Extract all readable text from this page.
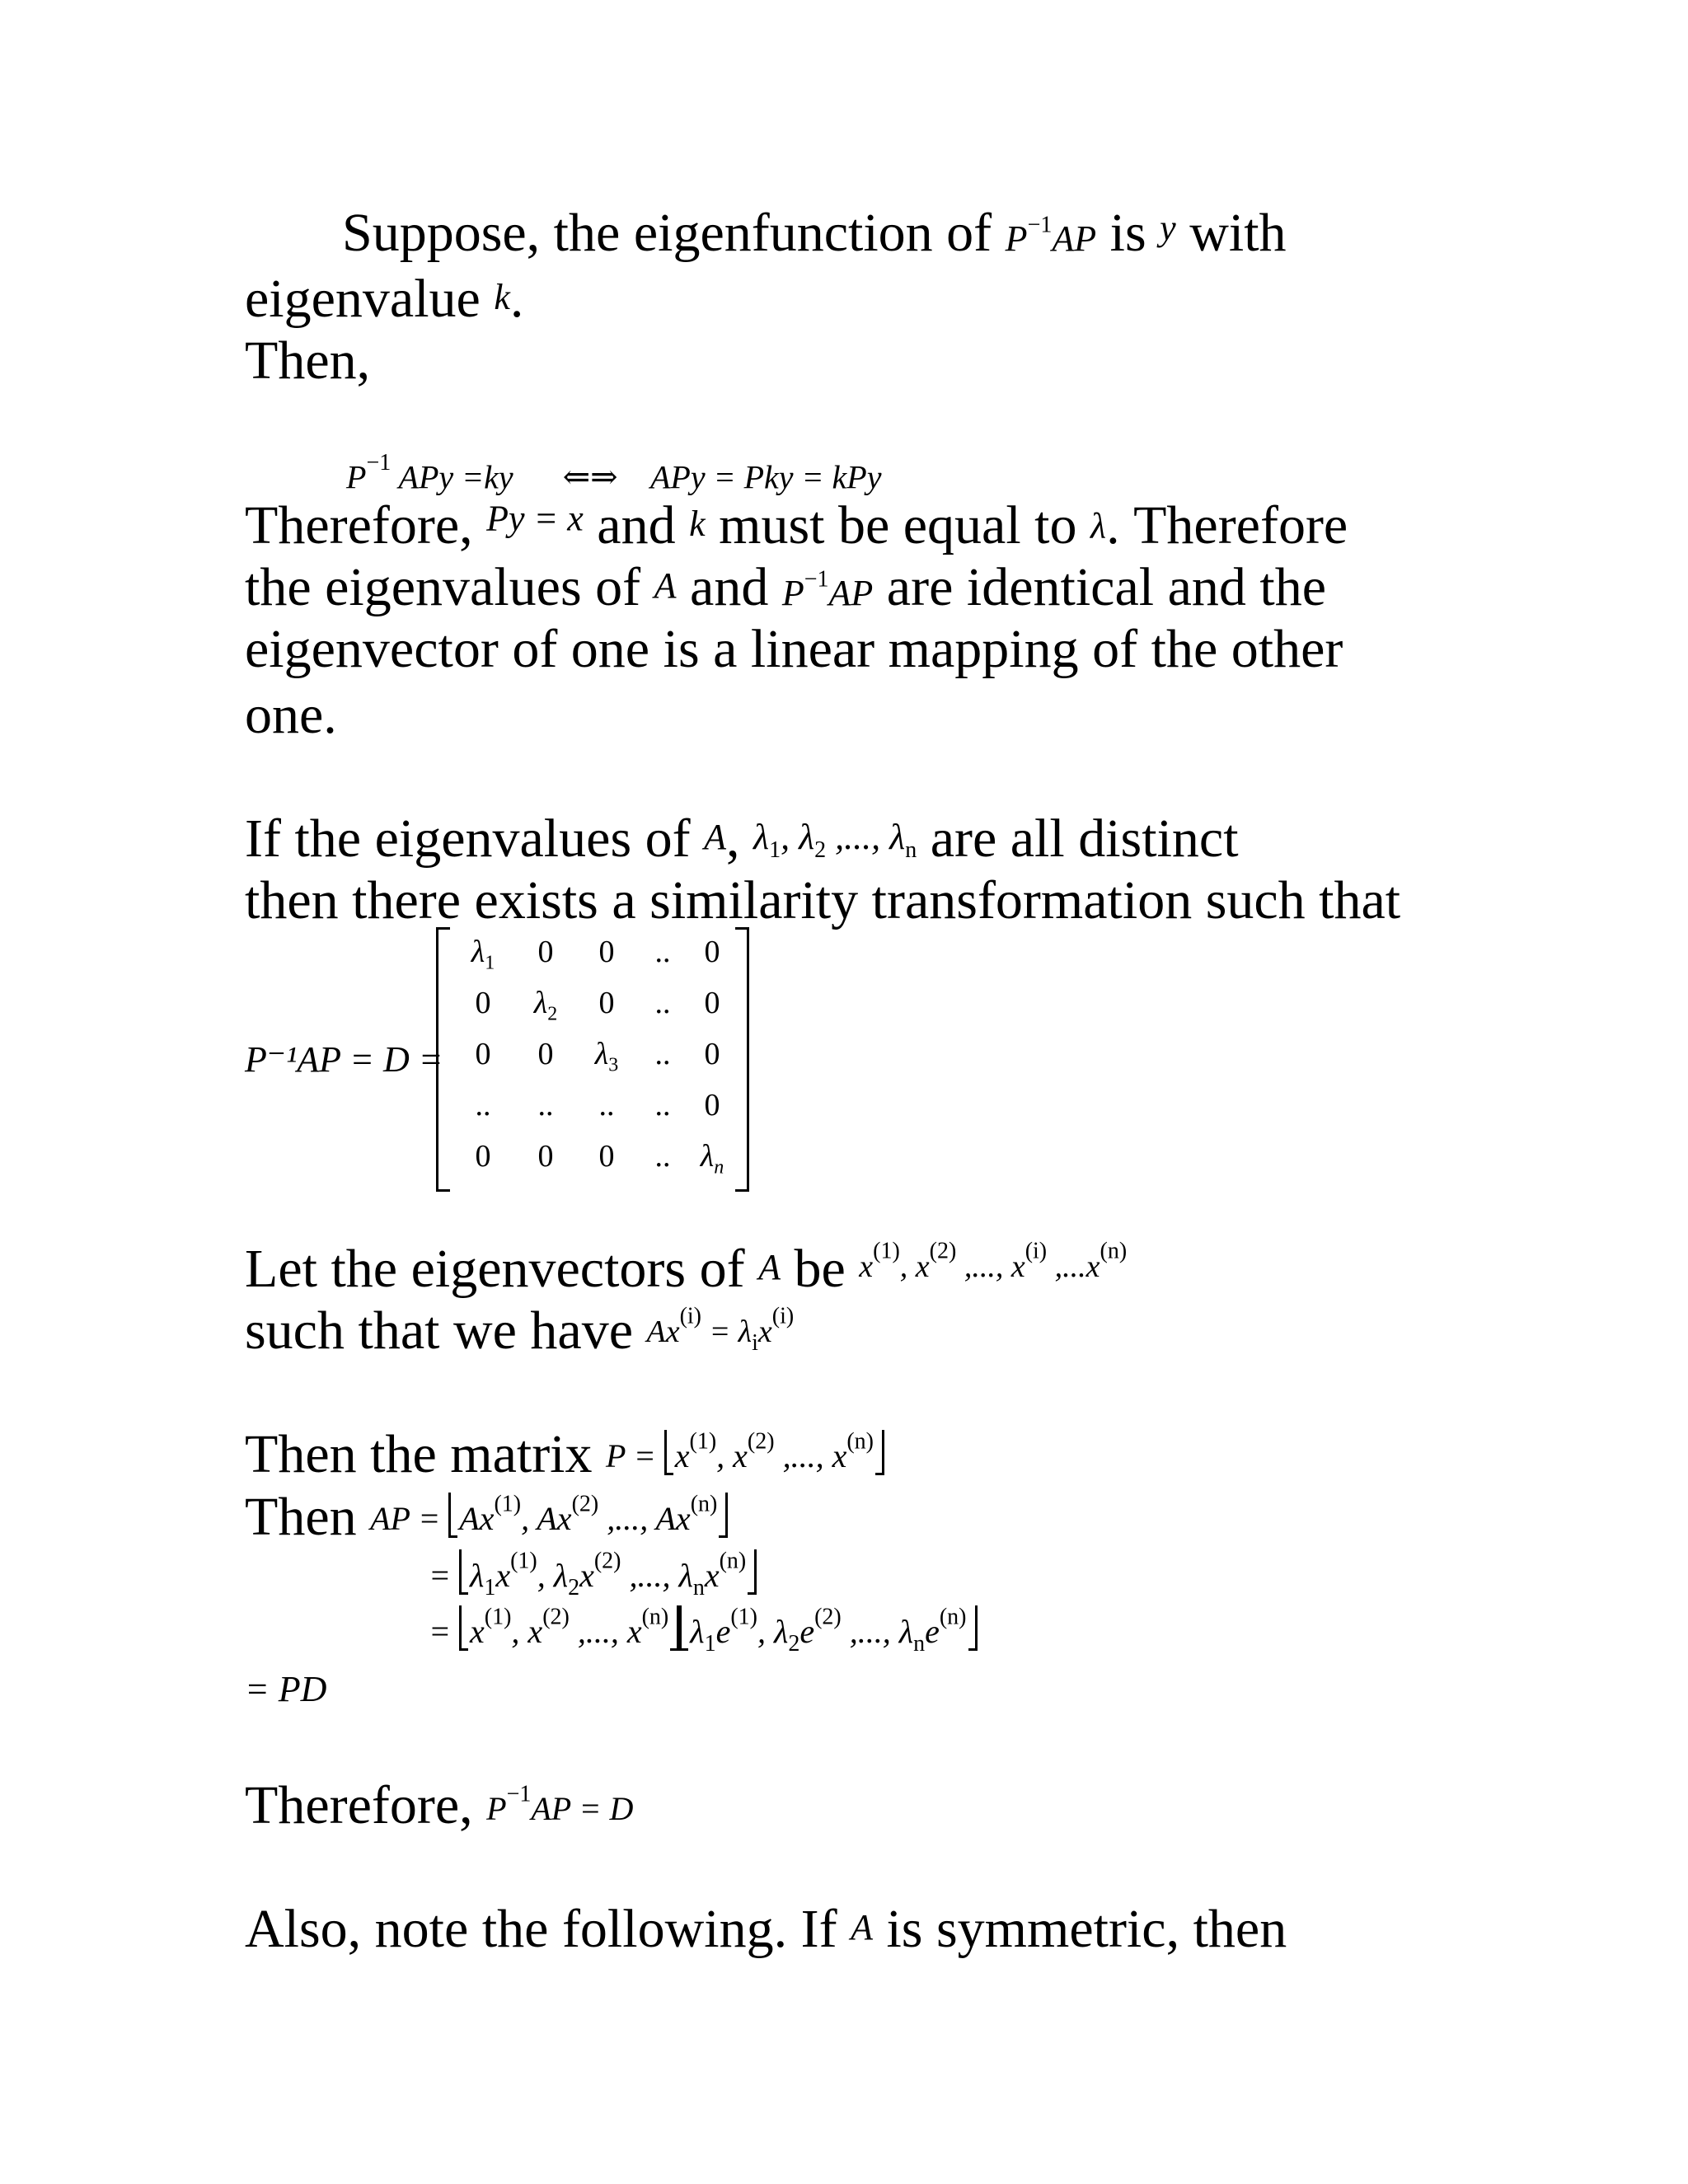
Suppose, the eigenfunction of $P^{-1}AP$ is y with
eigenvalue k.
Then,
$P^{-1}$ APy =ky ⇐⇒ APy = Pky = kPy
Therefore, $^{Py = x}$ and k must be equal to λ. Therefore
the eigenvalues of A and $P^{-1}AP$ are identical and the
eigenvector of one is a linear mapping of the other
one.
If the eigenvalues of A, $\lambda_1$, $\lambda_2$ ,..., $\lambda_n$ are all distinct
then there exists a similarity transformation such that
P⁻¹AP = D =
$\lambda_1$	0	0	..	0
0	$\lambda_2$	0	..	0
0	0	$\lambda_3$	..	0
..	..	..	..	0
0	0	0	.. $\lambda_n$
Let the eigenvectors of A be $x^{(1)}$, $x^{(2)}$ ,..., $x^{(i)}$ $,...x^{(n)}$
such that we have $Ax^{(i)} = \lambda_ix^{(i)}$
Then the matrix $P = x^{(1)}$, $x^{(2)}$ ,..., $x^{(n)}$
Then AP = $Ax^{(1)}$, Ax$^{(2)}$ ,..., $Ax^{(n)}$
= $\lambda_1x^{(1)}$, $\lambda_2x^{(2)}$ ,..., $\lambda_nx^{(n)}$
= $x^{(1)}$, $x^{(2)}$ ,..., $x^{(n)}$ $\lambda_1e^{(1)}$, $\lambda_2e^{(2)}$ ,..., $\lambda_ne^{(n)}$
= PD
Therefore, $P^{-1}AP = D$
Also, note the following. If A is symmetric, then
